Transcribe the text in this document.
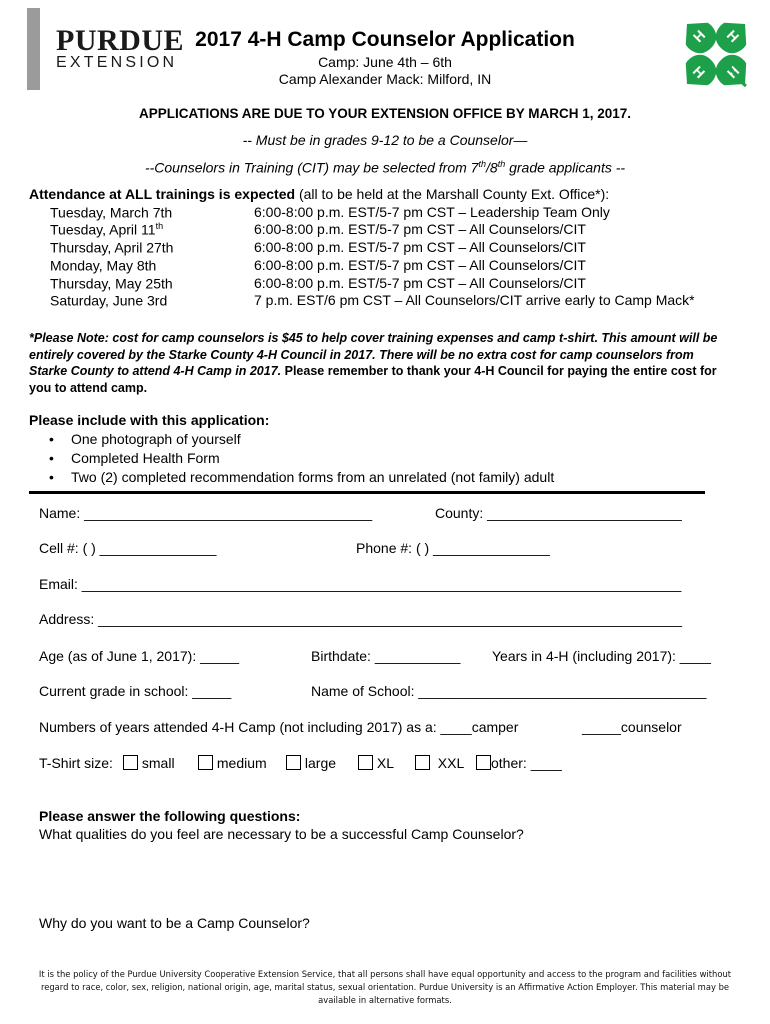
PURDUE
EXTENSION
2017 4-H Camp Counselor Application
Camp: June 4th – 6th
Camp Alexander Mack: Milford, IN
H H
H H
APPLICATIONS ARE DUE TO YOUR EXTENSION OFFICE BY MARCH 1, 2017.
-- Must be in grades 9-12 to be a Counselor—
--Counselors in Training (CIT) may be selected from 7th/8th grade applicants --
Attendance at ALL trainings is expected (all to be held at the Marshall County Ext. Office*):
Tuesday, March 7th	6:00-8:00 p.m. EST/5-7 pm CST – Leadership Team Only
Tuesday, April 11th	6:00-8:00 p.m. EST/5-7 pm CST – All Counselors/CIT
Thursday, April 27th	6:00-8:00 p.m. EST/5-7 pm CST – All Counselors/CIT
Monday, May 8th	6:00-8:00 p.m. EST/5-7 pm CST – All Counselors/CIT
Thursday, May 25th	6:00-8:00 p.m. EST/5-7 pm CST – All Counselors/CIT
Saturday, June 3rd	7 p.m. EST/6 pm CST – All Counselors/CIT arrive early to Camp Mack*
*Please Note: cost for camp counselors is $45 to help cover training expenses and camp t-shirt. This amount will be entirely covered by the Starke County 4-H Council in 2017. There will be no extra cost for camp counselors from Starke County to attend 4-H Camp in 2017. Please remember to thank your 4-H Council for paying the entire cost for you to attend camp.
Please include with this application:
• One photograph of yourself
• Completed Health Form
• Two (2) completed recommendation forms from an unrelated (not family) adult
Name: _____________________________________	County: _________________________
Cell #: ( ) _______________	Phone #: ( ) _______________
Email: _____________________________________________________________________________
Address: ___________________________________________________________________________
Age (as of June 1, 2017): _____	Birthdate: ___________ Years in 4-H (including 2017): ____
Current grade in school: _____	Name of School: _____________________________________
Numbers of years attended 4-H Camp (not including 2017) as a: ____camper	_____counselor
T-Shirt size:	small	medium	large	XL	XXL	other: ____
Please answer the following questions:
What qualities do you feel are necessary to be a successful Camp Counselor?
Why do you want to be a Camp Counselor?
It is the policy of the Purdue University Cooperative Extension Service, that all persons shall have equal opportunity and access to the program and facilities without regard to race, color, sex, religion, national origin, age, marital status, sexual orientation. Purdue University is an Affirmative Action Employer. This material may be available in alternative formats.
